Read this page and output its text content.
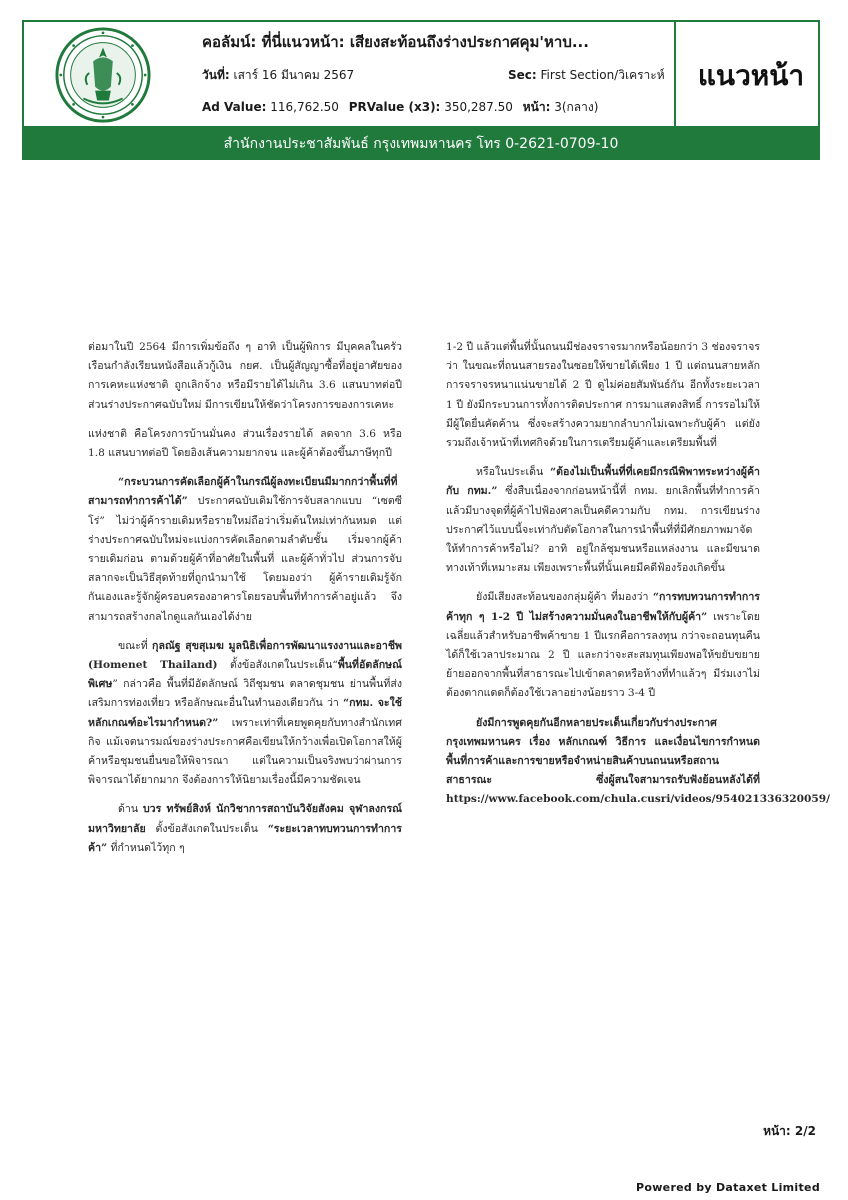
คอลัมน์: ที่นี่แนวหน้า: เสียงสะท้อนถึงร่างประกาศคุม'หาบ...
วันที่: เสาร์ 16 มีนาคม 2567	Sec: First Section/วิเคราะห์
Ad Value: 116,762.50 PRValue (x3): 350,287.50 หน้า: 3(กลาง)
แนวหน้า
สำนักงานประชาสัมพันธ์ กรุงเทพมหานคร โทร 0-2621-0709-10

ต่อมาในปี 2564 มีการเพิ่มข้อถึง ๆ อาทิ เป็นผู้พิการ มีบุคคลในครัวเรือนกำลังเรียนหนังสือแล้วกู้เงิน กยศ. เป็นผู้สัญญาซื้อที่อยู่อาศัยของการเคหะแห่งชาติ ถูกเลิกจ้าง หรือมีรายได้ไม่เกิน 3.6 แสนบาทต่อปี ส่วนร่างประกาศฉบับใหม่ มีการเขียนให้ชัดว่าโครงการของการเคหะ

แห่งชาติ คือโครงการบ้านมั่นคง ส่วนเรื่องรายได้ ลดจาก 3.6 หรือ 1.8 แสนบาทต่อปี โดยอิงเส้นความยากจน และผู้ค้าต้องขึ้นภาษีทุกปี

“กระบวนการคัดเลือกผู้ค้าในกรณีผู้ลงทะเบียนมีมากกว่าพื้นที่ที่สามารถทำการค้าได้” ประกาศฉบับเดิมใช้การจับสลากแบบ “เซตซีโร่” ไม่ว่าผู้ค้ารายเดิมหรือรายใหม่ถือว่าเริ่มต้นใหม่เท่ากันหมด แต่ร่างประกาศฉบับใหม่จะแบ่งการคัดเลือกตามลำดับชั้น เริ่มจากผู้ค้ารายเดิมก่อน ตามด้วยผู้ค้าที่อาศัยในพื้นที่ และผู้ค้าทั่วไป ส่วนการจับสลากจะเป็นวิธีสุดท้ายที่ถูกนำมาใช้ โดยมองว่า ผู้ค้ารายเดิมรู้จักกันเองและรู้จักผู้ครอบครองอาคารโดยรอบพื้นที่ทำการค้าอยู่แล้ว จึงสามารถสร้างกลไกดูแลกันเองได้ง่าย

ขณะที่ กุลณัฐ สุขสุเมฆ มูลนิธิเพื่อการพัฒนาแรงงานและอาชีพ (Homenet Thailand) ตั้งข้อสังเกตในประเด็น“พื้นที่อัตลักษณ์พิเศษ” กล่าวคือ พื้นที่มีอัตลักษณ์ วิถีชุมชน ตลาดชุมชน ย่านพื้นที่ส่งเสริมการท่องเที่ยว หรือลักษณะอื่นในทำนองเดียวกัน ว่า “กทม. จะใช้หลักเกณฑ์อะไรมากำหนด?” เพราะเท่าที่เคยพูดคุยกับทางสำนักเทศกิจ แม้เจตนารมณ์ของร่างประกาศคือเขียนให้กว้างเพื่อเปิดโอกาสให้ผู้ค้าหรือชุมชนยื่นขอให้พิจารณา แต่ในความเป็นจริงพบว่าผ่านการพิจารณาได้ยากมาก จึงต้องการให้นิยามเรื่องนี้มีความชัดเจน

ด้าน บวร ทรัพย์สิงห์ นักวิชาการสถาบันวิจัยสังคม จุฬาลงกรณ์มหาวิทยาลัย ตั้งข้อสังเกตในประเด็น “ระยะเวลาทบทวนการทำการค้า” ที่กำหนดไว้ทุก ๆ

1-2 ปี แล้วแต่พื้นที่นั้นถนนมีช่องจราจรมากหรือน้อยกว่า 3 ช่องจราจร ว่า ในขณะที่ถนนสายรองในซอยให้ขายได้เพียง 1 ปี แต่ถนนสายหลักการจราจรหนาแน่นขายได้ 2 ปี ดูไม่ค่อยสัมพันธ์กัน อีกทั้งระยะเวลา 1 ปี ยังมีกระบวนการทั้งการติดประกาศ การมาแสดงสิทธิ์ การรอไม่ให้มีผู้ใดยื่นคัดค้าน ซึ่งจะสร้างความยากลำบากไม่เฉพาะกับผู้ค้า แต่ยังรวมถึงเจ้าหน้าที่เทศกิจด้วยในการเตรียมผู้ค้าและเตรียมพื้นที่

หรือในประเด็น “ต้องไม่เป็นพื้นที่ที่เคยมีกรณีพิพาทระหว่างผู้ค้ากับ กทม.” ซึ่งสืบเนื่องจากก่อนหน้านี้ที่ กทม. ยกเลิกพื้นที่ทำการค้า แล้วมีบางจุดที่ผู้ค้าไปฟ้องศาลเป็นคดีความกับ กทม. การเขียนร่างประกาศไว้แบบนี้จะเท่ากับตัดโอกาสในการนำพื้นที่ที่มีศักยภาพมาจัดให้ทำการค้าหรือไม่? อาทิ อยู่ใกล้ชุมชนหรือแหล่งงาน และมีขนาดทางเท้าที่เหมาะสม เพียงเพราะพื้นที่นั้นเคยมีคดีฟ้องร้องเกิดขึ้น

ยังมีเสียงสะท้อนของกลุ่มผู้ค้า ที่มองว่า “การทบทวนการทำการค้าทุก ๆ 1-2 ปี ไม่สร้างความมั่นคงในอาชีพให้กับผู้ค้า” เพราะโดยเฉลี่ยแล้วสำหรับอาชีพค้าขาย 1 ปีแรกคือการลงทุน กว่าจะถอนทุนคืนได้ก็ใช้เวลาประมาณ 2 ปี และกว่าจะสะสมทุนเพียงพอให้ขยับขยายย้ายออกจากพื้นที่สาธารณะไปเข้าตลาดหรือห้างที่ทำแล้วๆ มีร่มเงาไม่ต้องตากแดดก็ต้องใช้เวลาอย่างน้อยราว 3-4 ปี

ยังมีการพูดคุยกันอีกหลายประเด็นเกี่ยวกับร่างประกาศกรุงเทพมหานคร เรื่อง หลักเกณฑ์ วิธีการ และเงื่อนไขการกำหนดพื้นที่การค้าและการขายหรือจำหน่ายสินค้าบนถนนหรือสถานสาธารณะ ซึ่งผู้สนใจสามารถรับฟังย้อนหลังได้ที่ https://www.facebook.com/chula.cusri/videos/954021336320059/

หน้า: 2/2
Powered by Dataxet Limited
